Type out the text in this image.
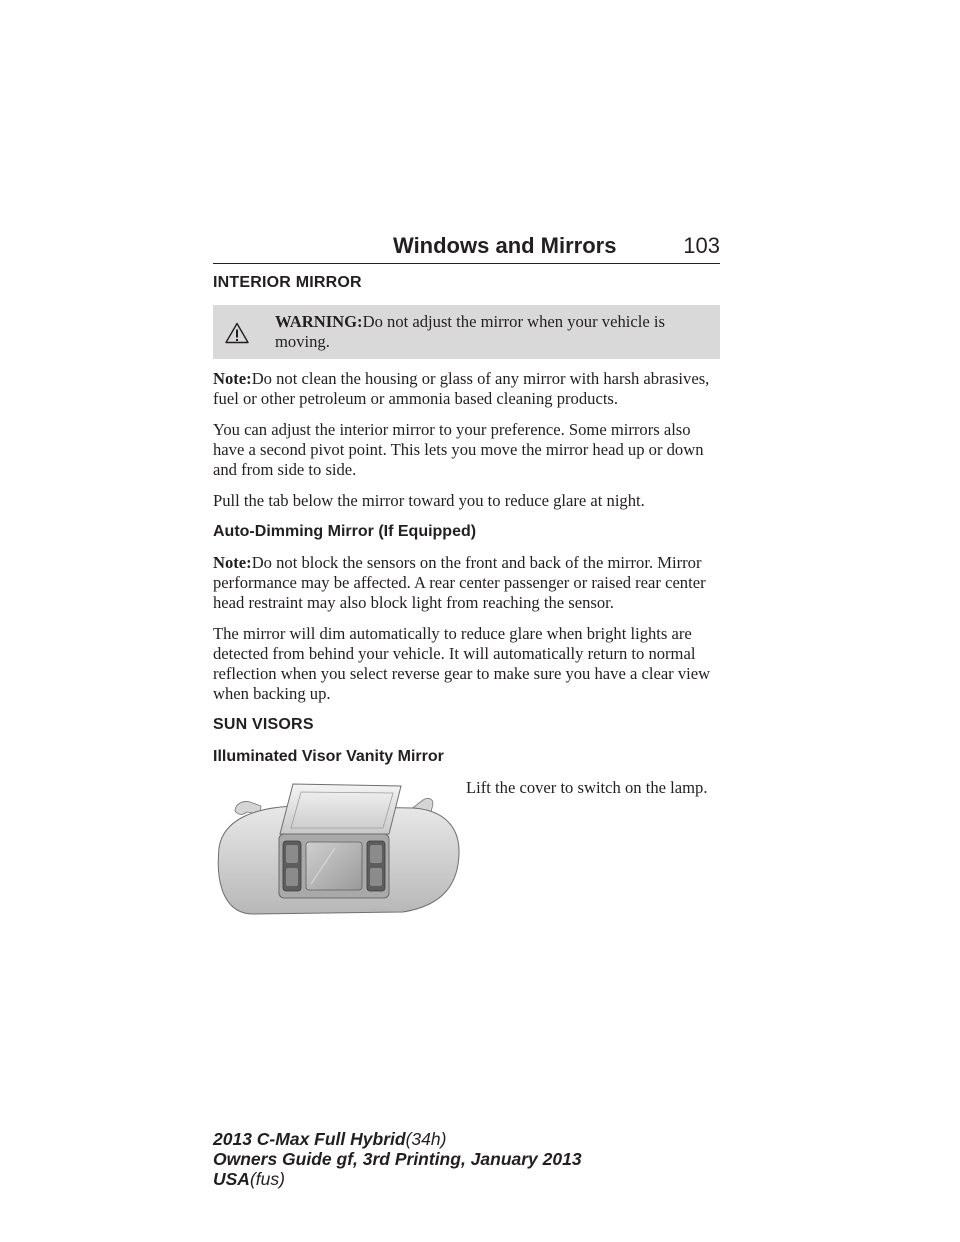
Windows and Mirrors	103
INTERIOR MIRROR
WARNING:Do not adjust the mirror when your vehicle is moving.

Note:Do not clean the housing or glass of any mirror with harsh abrasives, fuel or other petroleum or ammonia based cleaning products.

You can adjust the interior mirror to your preference. Some mirrors also have a second pivot point. This lets you move the mirror head up or down and from side to side.

Pull the tab below the mirror toward you to reduce glare at night.

Auto-Dimming Mirror (If Equipped)

Note:Do not block the sensors on the front and back of the mirror. Mirror performance may be affected. A rear center passenger or raised rear center head restraint may also block light from reaching the sensor.

The mirror will dim automatically to reduce glare when bright lights are detected from behind your vehicle. It will automatically return to normal reflection when you select reverse gear to make sure you have a clear view when backing up.

SUN VISORS
Illuminated Visor Vanity Mirror
Lift the cover to switch on the lamp.
2013 C-Max Full Hybrid(34h)
Owners Guide gf, 3rd Printing, January 2013
USA(fus)
